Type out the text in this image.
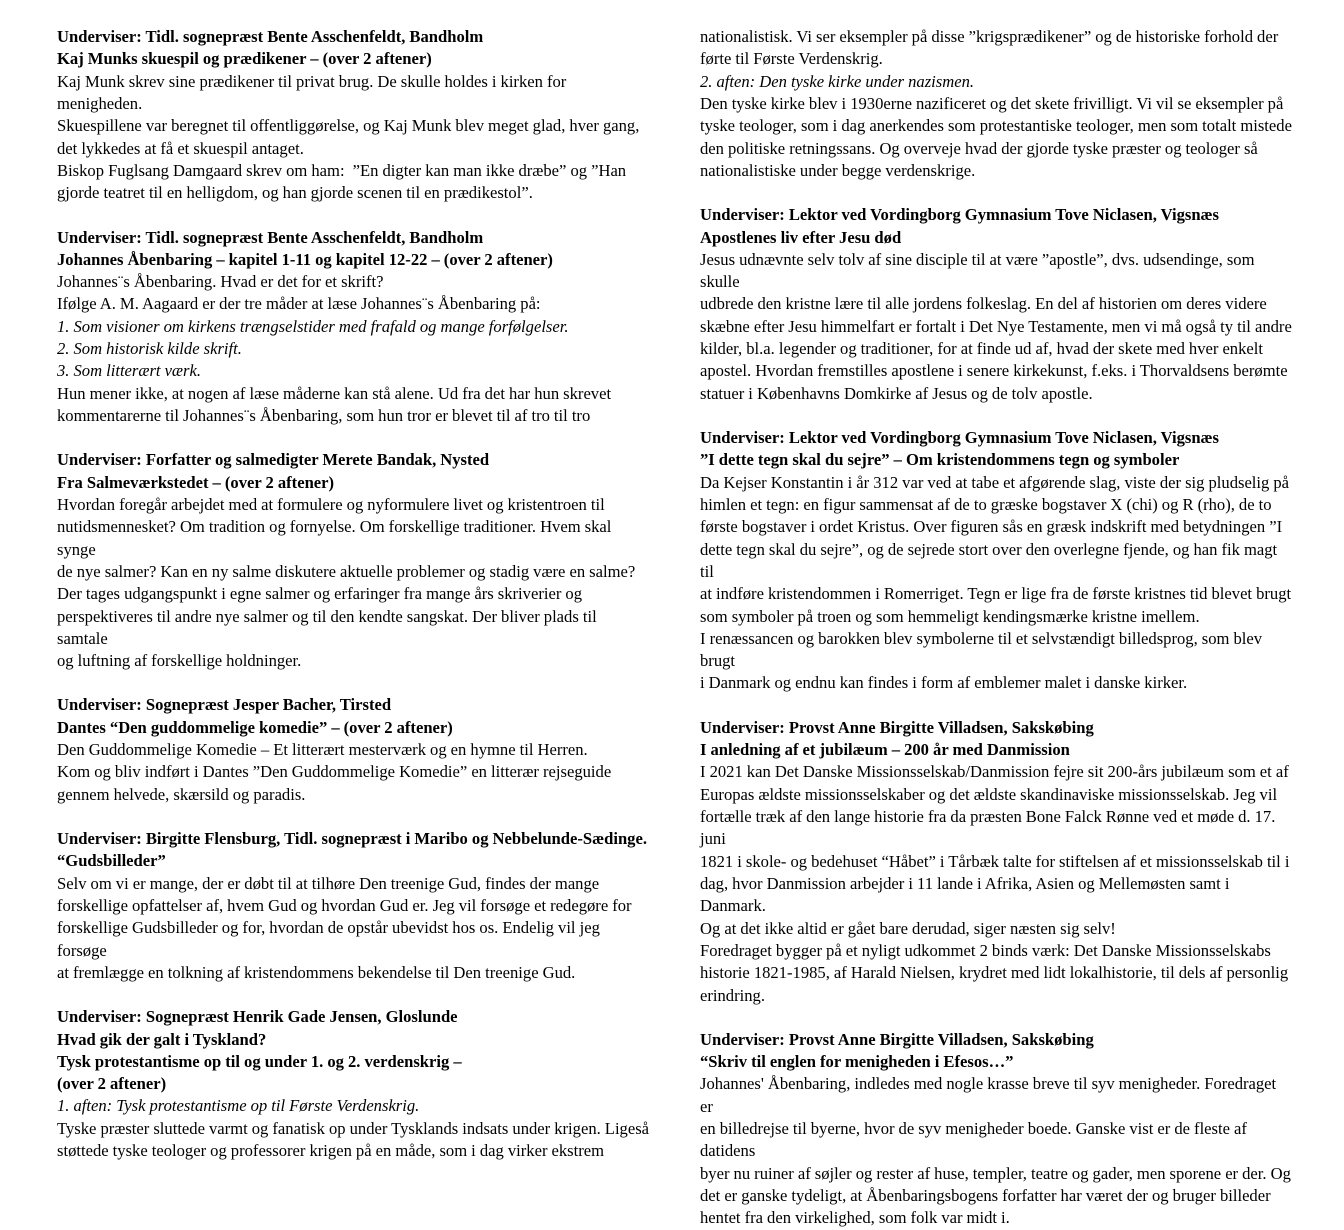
Underviser: Tidl. sognepræst Bente Asschenfeldt, Bandholm

Kaj Munks skuespil og prædikener – (over 2 aftener)

Kaj Munk skrev sine prædikener til privat brug. De skulle holdes i kirken for menigheden.

Skuespillene var beregnet til offentliggørelse, og Kaj Munk blev meget glad, hver gang,

det lykkedes at få et skuespil antaget.

Biskop Fuglsang Damgaard skrev om ham:  ”En digter kan man ikke dræbe” og ”Han

gjorde teatret til en helligdom, og han gjorde scenen til en prædikestol”.

Underviser: Tidl. sognepræst Bente Asschenfeldt, Bandholm

Johannes Åbenbaring – kapitel 1-11 og kapitel 12-22 – (over 2 aftener)

Johannes¨s Åbenbaring. Hvad er det for et skrift?

Ifølge A. M. Aagaard er der tre måder at læse Johannes¨s Åbenbaring på:

1. Som visioner om kirkens trængselstider med frafald og mange forfølgelser.

2. Som historisk kilde skrift.

3. Som litterært værk.

Hun mener ikke, at nogen af læse måderne kan stå alene. Ud fra det har hun skrevet

kommentarerne til Johannes¨s Åbenbaring, som hun tror er blevet til af tro til tro

Underviser: Forfatter og salmedigter Merete Bandak, Nysted

Fra Salmeværkstedet – (over 2 aftener)

Hvordan foregår arbejdet med at formulere og nyformulere livet og kristentroen til

nutidsmennesket? Om tradition og fornyelse. Om forskellige traditioner. Hvem skal synge

de nye salmer? Kan en ny salme diskutere aktuelle problemer og stadig være en salme?

Der tages udgangspunkt i egne salmer og erfaringer fra mange års skriverier og

perspektiveres til andre nye salmer og til den kendte sangskat. Der bliver plads til samtale

og luftning af forskellige holdninger.

Underviser: Sognepræst Jesper Bacher, Tirsted

Dantes “Den guddommelige komedie” – (over 2 aftener)

Den Guddommelige Komedie – Et litterært mesterværk og en hymne til Herren.

Kom og bliv indført i Dantes ”Den Guddommelige Komedie” en litterær rejseguide

gennem helvede, skærsild og paradis.

Underviser: Birgitte Flensburg, Tidl. sognepræst i Maribo og Nebbelunde-Sædinge.

“Gudsbilleder”

Selv om vi er mange, der er døbt til at tilhøre Den treenige Gud, findes der mange

forskellige opfattelser af, hvem Gud og hvordan Gud er. Jeg vil forsøge et redegøre for

forskellige Gudsbilleder og for, hvordan de opstår ubevidst hos os. Endelig vil jeg forsøge

at fremlægge en tolkning af kristendommens bekendelse til Den treenige Gud.

Underviser: Sognepræst Henrik Gade Jensen, Gloslunde

Hvad gik der galt i Tyskland?

Tysk protestantisme op til og under 1. og 2. verdenskrig –

(over 2 aftener)

1. aften: Tysk protestantisme op til Første Verdenskrig.

Tyske præster sluttede varmt og fanatisk op under Tysklands indsats under krigen. Ligeså

støttede tyske teologer og professorer krigen på en måde, som i dag virker ekstrem

nationalistisk. Vi ser eksempler på disse ”krigsprædikener” og de historiske forhold der

førte til Første Verdenskrig.

2. aften: Den tyske kirke under nazismen.

Den tyske kirke blev i 1930erne nazificeret og det skete frivilligt. Vi vil se eksempler på

tyske teologer, som i dag anerkendes som protestantiske teologer, men som totalt mistede

den politiske retningssans. Og overveje hvad der gjorde tyske præster og teologer så

nationalistiske under begge verdenskrige.

Underviser: Lektor ved Vordingborg Gymnasium Tove Niclasen, Vigsnæs

Apostlenes liv efter Jesu død

Jesus udnævnte selv tolv af sine disciple til at være ”apostle”, dvs. udsendinge, som skulle

udbrede den kristne lære til alle jordens folkeslag. En del af historien om deres videre

skæbne efter Jesu himmelfart er fortalt i Det Nye Testamente, men vi må også ty til andre

kilder, bl.a. legender og traditioner, for at finde ud af, hvad der skete med hver enkelt

apostel. Hvordan fremstilles apostlene i senere kirkekunst, f.eks. i Thorvaldsens berømte

statuer i Københavns Domkirke af Jesus og de tolv apostle.

Underviser: Lektor ved Vordingborg Gymnasium Tove Niclasen, Vigsnæs

”I dette tegn skal du sejre” – Om kristendommens tegn og symboler

Da Kejser Konstantin i år 312 var ved at tabe et afgørende slag, viste der sig pludselig på

himlen et tegn: en figur sammensat af de to græske bogstaver X (chi) og R (rho), de to

første bogstaver i ordet Kristus. Over figuren sås en græsk indskrift med betydningen ”I

dette tegn skal du sejre”, og de sejrede stort over den overlegne fjende, og han fik magt til

at indføre kristendommen i Romerriget. Tegn er lige fra de første kristnes tid blevet brugt

som symboler på troen og som hemmeligt kendingsmærke kristne imellem.

I renæssancen og barokken blev symbolerne til et selvstændigt billedsprog, som blev brugt

i Danmark og endnu kan findes i form af emblemer malet i danske kirker.

Underviser: Provst Anne Birgitte Villadsen, Sakskøbing

I anledning af et jubilæum – 200 år med Danmission

I 2021 kan Det Danske Missionsselskab/Danmission fejre sit 200-års jubilæum som et af

Europas ældste missionsselskaber og det ældste skandinaviske missionsselskab. Jeg vil

fortælle træk af den lange historie fra da præsten Bone Falck Rønne ved et møde d. 17. juni

1821 i skole- og bedehuset “Håbet” i Tårbæk talte for stiftelsen af et missionsselskab til i

dag, hvor Danmission arbejder i 11 lande i Afrika, Asien og Mellemøsten samt i Danmark.

Og at det ikke altid er gået bare derudad, siger næsten sig selv!

Foredraget bygger på et nyligt udkommet 2 binds værk: Det Danske Missionsselskabs

historie 1821-1985, af Harald Nielsen, krydret med lidt lokalhistorie, til dels af personlig

erindring.

Underviser: Provst Anne Birgitte Villadsen, Sakskøbing

“Skriv til englen for menigheden i Efesos…”

Johannes' Åbenbaring, indledes med nogle krasse breve til syv menigheder. Foredraget er

en billedrejse til byerne, hvor de syv menigheder boede. Ganske vist er de fleste af datidens

byer nu ruiner af søjler og rester af huse, templer, teatre og gader, men sporene er der. Og

det er ganske tydeligt, at Åbenbaringsbogens forfatter har været der og bruger billeder

hentet fra den virkelighed, som folk var midt i.
